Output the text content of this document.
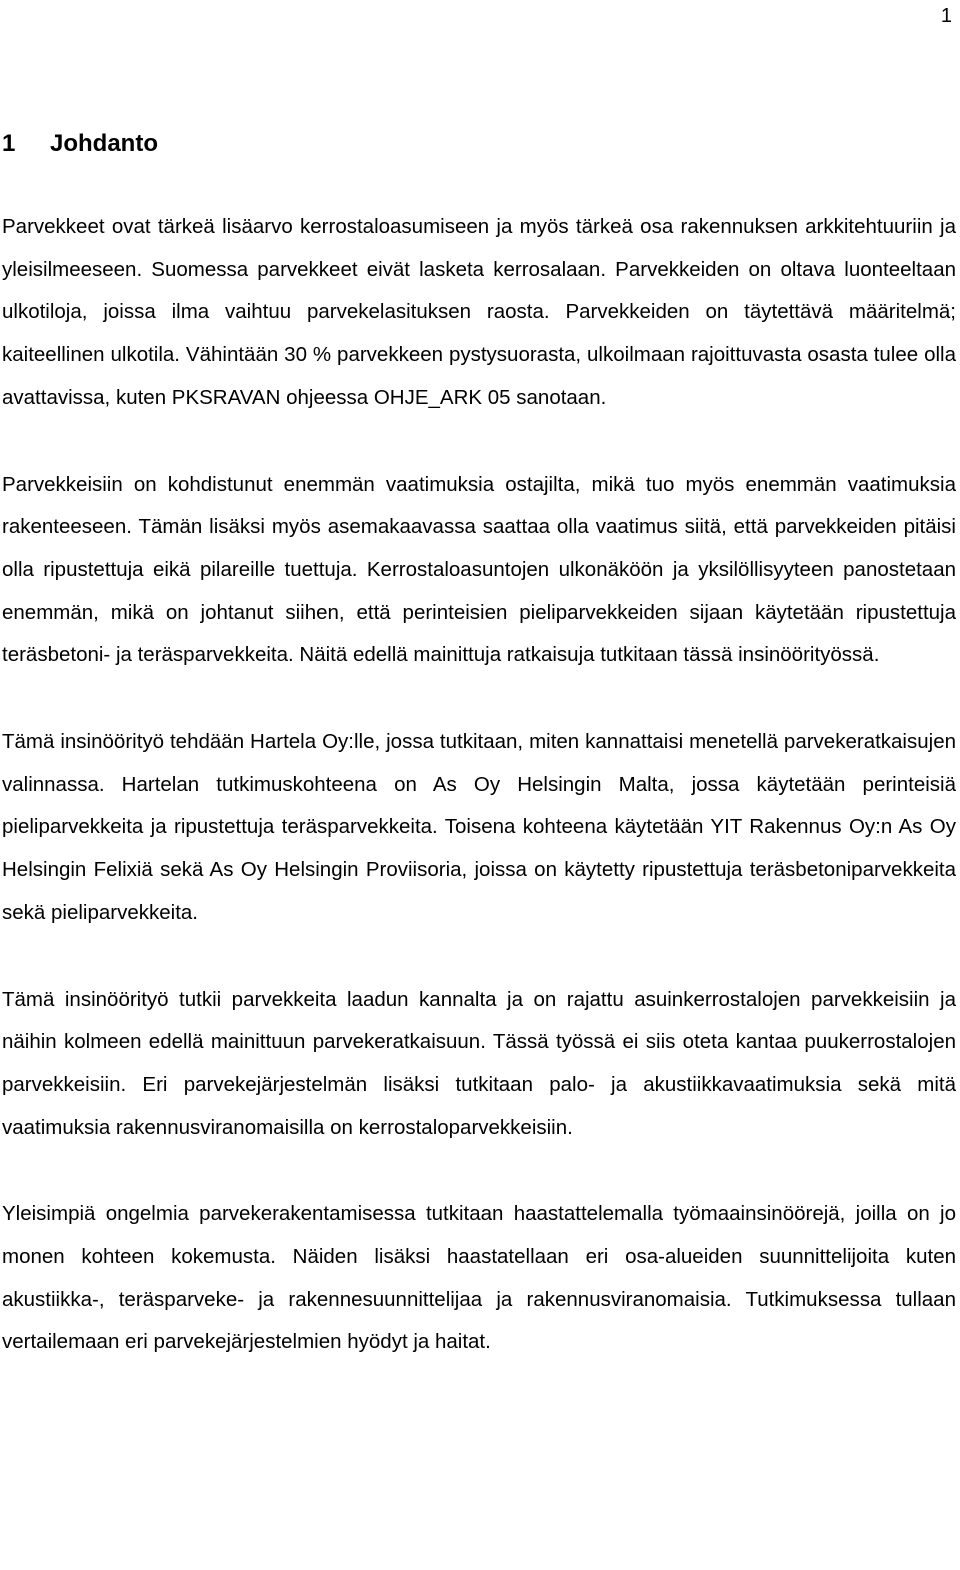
1
1 Johdanto

Parvekkeet ovat tärkeä lisäarvo kerrostaloasumiseen ja myös tärkeä osa rakennuksen arkkitehtuuriin ja yleisilmeeseen. Suomessa parvekkeet eivät lasketa kerrosalaan. Parvekkeiden on oltava luonteeltaan ulkotiloja, joissa ilma vaihtuu parvekelasituksen raosta. Parvekkeiden on täytettävä määritelmä; kaiteellinen ulkotila. Vähintään 30 % parvekkeen pystysuorasta, ulkoilmaan rajoittuvasta osasta tulee olla avattavissa, kuten PKSRAVAN ohjeessa OHJE_ARK 05 sanotaan.

Parvekkeisiin on kohdistunut enemmän vaatimuksia ostajilta, mikä tuo myös enemmän vaatimuksia rakenteeseen. Tämän lisäksi myös asemakaavassa saattaa olla vaatimus siitä, että parvekkeiden pitäisi olla ripustettuja eikä pilareille tuettuja. Kerrostaloasuntojen ulkonäköön ja yksilöllisyyteen panostetaan enemmän, mikä on johtanut siihen, että perinteisien pieliparvekkeiden sijaan käytetään ripustettuja teräsbetoni- ja teräsparvekkeita. Näitä edellä mainittuja ratkaisuja tutkitaan tässä insinöörityössä.

Tämä insinöörityö tehdään Hartela Oy:lle, jossa tutkitaan, miten kannattaisi menetellä parvekeratkaisujen valinnassa. Hartelan tutkimuskohteena on As Oy Helsingin Malta, jossa käytetään perinteisiä pieliparvekkeita ja ripustettuja teräsparvekkeita. Toisena kohteena käytetään YIT Rakennus Oy:n As Oy Helsingin Felixiä sekä As Oy Helsingin Proviisoria, joissa on käytetty ripustettuja teräsbetoniparvekkeita sekä pieliparvekkeita.

Tämä insinöörityö tutkii parvekkeita laadun kannalta ja on rajattu asuinkerrostalojen parvekkeisiin ja näihin kolmeen edellä mainittuun parvekeratkaisuun. Tässä työssä ei siis oteta kantaa puukerrostalojen parvekkeisiin. Eri parvekejärjestelmän lisäksi tutkitaan palo- ja akustiikkavaatimuksia sekä mitä vaatimuksia rakennusviranomaisilla on kerrostaloparvekkeisiin.

Yleisimpiä ongelmia parvekerakentamisessa tutkitaan haastattelemalla työmaainsinöörejä, joilla on jo monen kohteen kokemusta. Näiden lisäksi haastatellaan eri osa-alueiden suunnittelijoita kuten akustiikka-, teräsparveke- ja rakennesuunnittelijaa ja rakennusviranomaisia. Tutkimuksessa tullaan vertailemaan eri parvekejärjestelmien hyödyt ja haitat.
